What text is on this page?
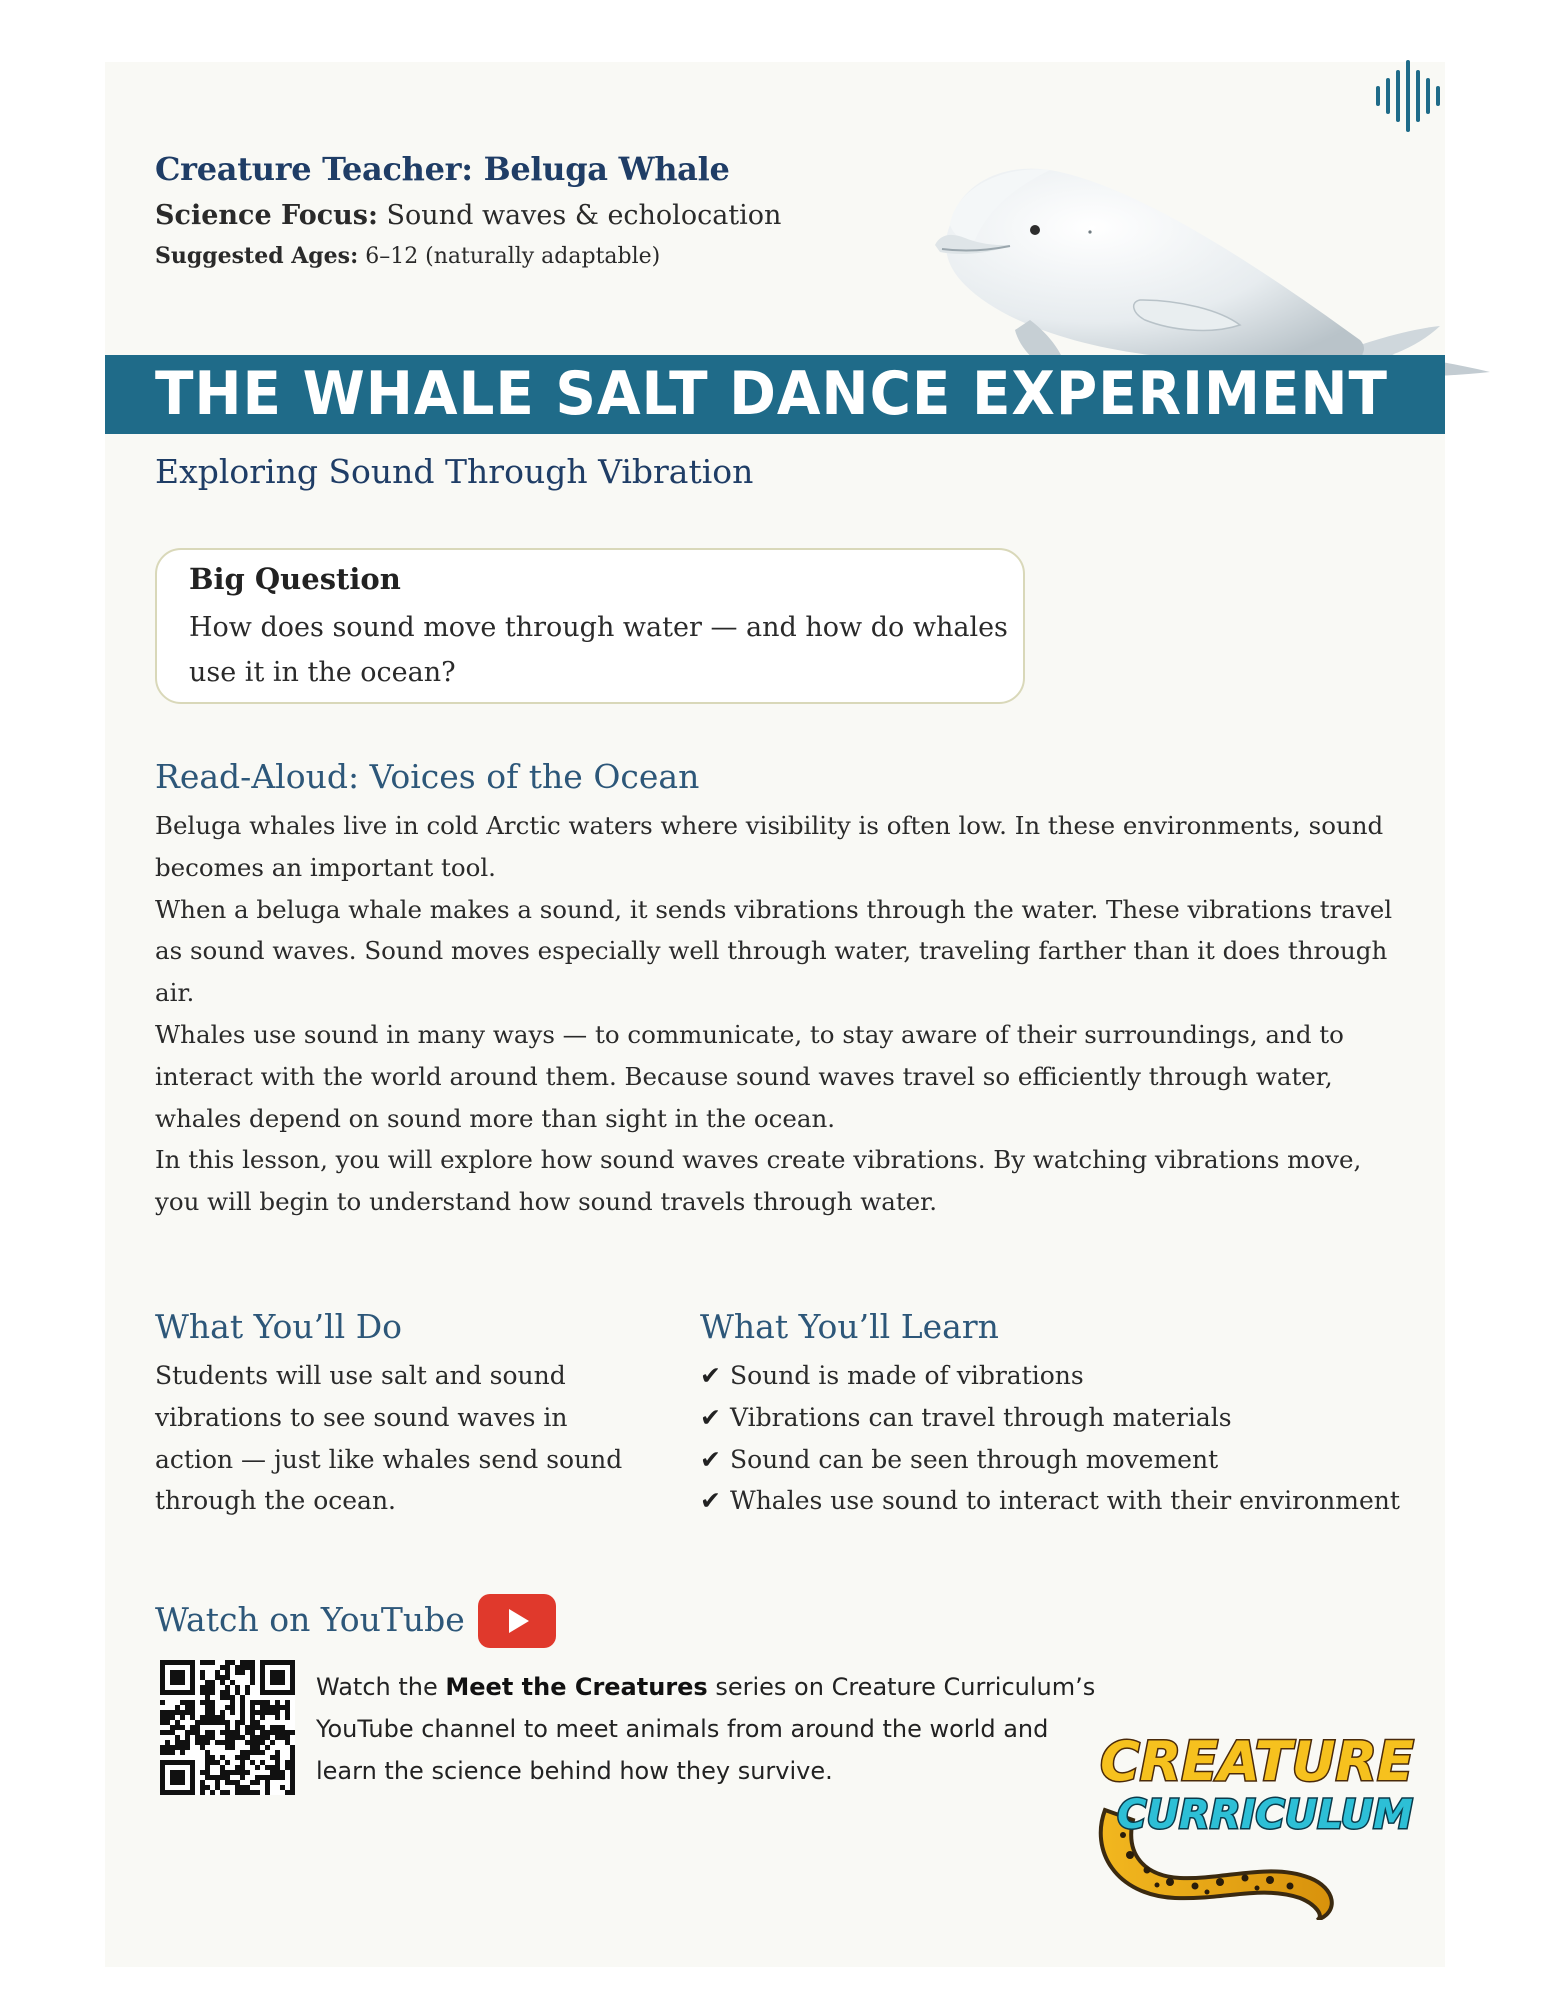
Creature Teacher: Beluga Whale
Science Focus: Sound waves & echolocation
Suggested Ages: 6–12 (naturally adaptable)
THE WHALE SALT DANCE EXPERIMENT
Exploring Sound Through Vibration
Big Question
How does sound move through water — and how do whales use it in the ocean?
Read-Aloud: Voices of the Ocean

Beluga whales live in cold Arctic waters where visibility is often low. In these environments, sound becomes an important tool.

When a beluga whale makes a sound, it sends vibrations through the water. These vibrations travel as sound waves. Sound moves especially well through water, traveling farther than it does through air.

Whales use sound in many ways — to communicate, to stay aware of their surroundings, and to interact with the world around them. Because sound waves travel so efficiently through water, whales depend on sound more than sight in the ocean.

In this lesson, you will explore how sound waves create vibrations. By watching vibrations move, you will begin to understand how sound travels through water.

What You’ll Do
Students will use salt and sound vibrations to see sound waves in action — just like whales send sound through the ocean.
What You’ll Learn
✔ Sound is made of vibrations
✔ Vibrations can travel through materials
✔ Sound can be seen through movement
✔ Whales use sound to interact with their environment
Watch on YouTube
Watch the Meet the Creatures series on Creature Curriculum’s YouTube channel to meet animals from around the world and learn the science behind how they survive.	CREATURE
CURRICULUM
